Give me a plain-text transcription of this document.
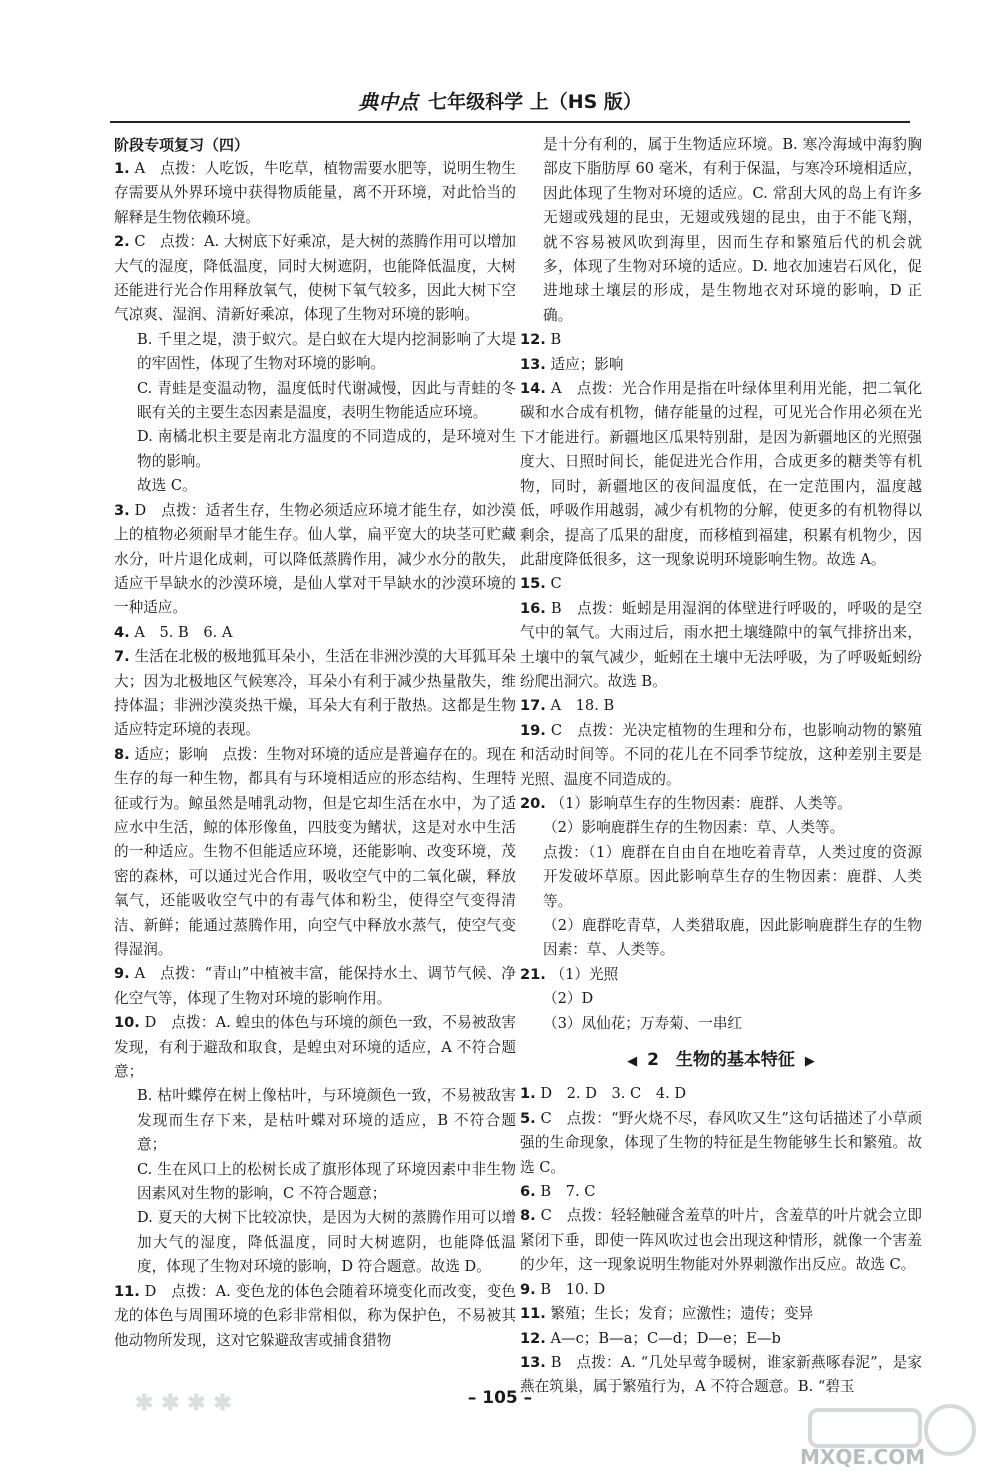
典中点 七年级科学 上（HS 版）
阶段专项复习（四）
1. A　点拨：人吃饭，牛吃草，植物需要水肥等，说明生物生存需要从外界环境中获得物质能量，离不开环境，对此恰当的解释是生物依赖环境。
2. C　点拨：A. 大树底下好乘凉，是大树的蒸腾作用可以增加大气的湿度，降低温度，同时大树遮阴，也能降低温度，大树还能进行光合作用释放氧气，使树下氧气较多，因此大树下空气凉爽、湿润、清新好乘凉，体现了生物对环境的影响。
B. 千里之堤，溃于蚁穴。是白蚁在大堤内挖洞影响了大堤的牢固性，体现了生物对环境的影响。
C. 青蛙是变温动物，温度低时代谢减慢，因此与青蛙的冬眠有关的主要生态因素是温度，表明生物能适应环境。
D. 南橘北枳主要是南北方温度的不同造成的，是环境对生物的影响。
故选 C。
3. D　点拨：适者生存，生物必须适应环境才能生存，如沙漠上的植物必须耐旱才能生存。仙人掌，扁平宽大的块茎可贮藏水分，叶片退化成刺，可以降低蒸腾作用，减少水分的散失，适应干旱缺水的沙漠环境，是仙人掌对干旱缺水的沙漠环境的一种适应。
4. A　5. B　6. A
7. 生活在北极的极地狐耳朵小，生活在非洲沙漠的大耳狐耳朵大；因为北极地区气候寒冷，耳朵小有利于减少热量散失，维持体温；非洲沙漠炎热干燥，耳朵大有利于散热。这都是生物适应特定环境的表现。
8. 适应；影响　点拨：生物对环境的适应是普遍存在的。现在生存的每一种生物，都具有与环境相适应的形态结构、生理特征或行为。鲸虽然是哺乳动物，但是它却生活在水中，为了适应水中生活，鲸的体形像鱼，四肢变为鳍状，这是对水中生活的一种适应。生物不但能适应环境，还能影响、改变环境，茂密的森林，可以通过光合作用，吸收空气中的二氧化碳，释放氧气，还能吸收空气中的有毒气体和粉尘，使得空气变得清洁、新鲜；能通过蒸腾作用，向空气中释放水蒸气，使空气变得湿润。
9. A　点拨：“青山”中植被丰富，能保持水土、调节气候、净化空气等，体现了生物对环境的影响作用。
10. D　点拨：A. 蝗虫的体色与环境的颜色一致，不易被敌害发现，有利于避敌和取食，是蝗虫对环境的适应，A 不符合题意；
B. 枯叶蝶停在树上像枯叶，与环境颜色一致，不易被敌害发现而生存下来，是枯叶蝶对环境的适应，B 不符合题意；
C. 生在风口上的松树长成了旗形体现了环境因素中非生物因素风对生物的影响，C 不符合题意；
D. 夏天的大树下比较凉快，是因为大树的蒸腾作用可以增加大气的湿度，降低温度，同时大树遮阴，也能降低温度，体现了生物对环境的影响，D 符合题意。故选 D。
11. D　点拨：A. 变色龙的体色会随着环境变化而改变，变色龙的体色与周围环境的色彩非常相似，称为保护色，不易被其他动物所发现，这对它躲避敌害或捕食猎物
是十分有利的，属于生物适应环境。B. 寒冷海域中海豹胸部皮下脂肪厚 60 毫米，有利于保温，与寒冷环境相适应，因此体现了生物对环境的适应。C. 常刮大风的岛上有许多无翅或残翅的昆虫，无翅或残翅的昆虫，由于不能飞翔，就不容易被风吹到海里，因而生存和繁殖后代的机会就多，体现了生物对环境的适应。D. 地衣加速岩石风化，促进地球土壤层的形成，是生物地衣对环境的影响，D 正确。
12. B
13. 适应；影响
14. A　点拨：光合作用是指在叶绿体里利用光能，把二氧化碳和水合成有机物，储存能量的过程，可见光合作用必须在光下才能进行。新疆地区瓜果特别甜，是因为新疆地区的光照强度大、日照时间长，能促进光合作用，合成更多的糖类等有机物，同时，新疆地区的夜间温度低，在一定范围内，温度越低，呼吸作用越弱，减少有机物的分解，使更多的有机物得以剩余，提高了瓜果的甜度，而移植到福建，积累有机物少，因此甜度降低很多，这一现象说明环境影响生物。故选 A。
15. C
16. B　点拨：蚯蚓是用湿润的体壁进行呼吸的，呼吸的是空气中的氧气。大雨过后，雨水把土壤缝隙中的氧气排挤出来，土壤中的氧气减少，蚯蚓在土壤中无法呼吸，为了呼吸蚯蚓纷纷爬出洞穴。故选 B。
17. A　18. B
19. C　点拨：光决定植物的生理和分布，也影响动物的繁殖和活动时间等。不同的花儿在不同季节绽放，这种差别主要是光照、温度不同造成的。
20. （1）影响草生存的生物因素：鹿群、人类等。
（2）影响鹿群生存的生物因素：草、人类等。
点拨：（1）鹿群在自由自在地吃着青草，人类过度的资源开发破坏草原。因此影响草生存的生物因素：鹿群、人类等。
（2）鹿群吃青草，人类猎取鹿，因此影响鹿群生存的生物因素：草、人类等。
21. （1）光照
（2）D
（3）凤仙花；万寿菊、一串红
◀ 2　生物的基本特征 ▶
1. D　2. D　3. C　4. D
5. C　点拨：“野火烧不尽，春风吹又生”这句话描述了小草顽强的生命现象，体现了生物的特征是生物能够生长和繁殖。故选 C。
6. B　7. C
8. C　点拨：轻轻触碰含羞草的叶片，含羞草的叶片就会立即紧闭下垂，即使一阵风吹过也会出现这种情形，就像一个害羞的少年，这一现象说明生物能对外界刺激作出反应。故选 C。
9. B　10. D
11. 繁殖；生长；发育；应激性；遗传；变异
12. A—c；B—a；C—d；D—e；E—b
13. B　点拨：A. “几处早莺争暖树，谁家新燕啄春泥”，是家燕在筑巢，属于繁殖行为，A 不符合题意。B. “碧玉
✱ ✱ ✱ ✱	– 105 –
MXQE.COM
